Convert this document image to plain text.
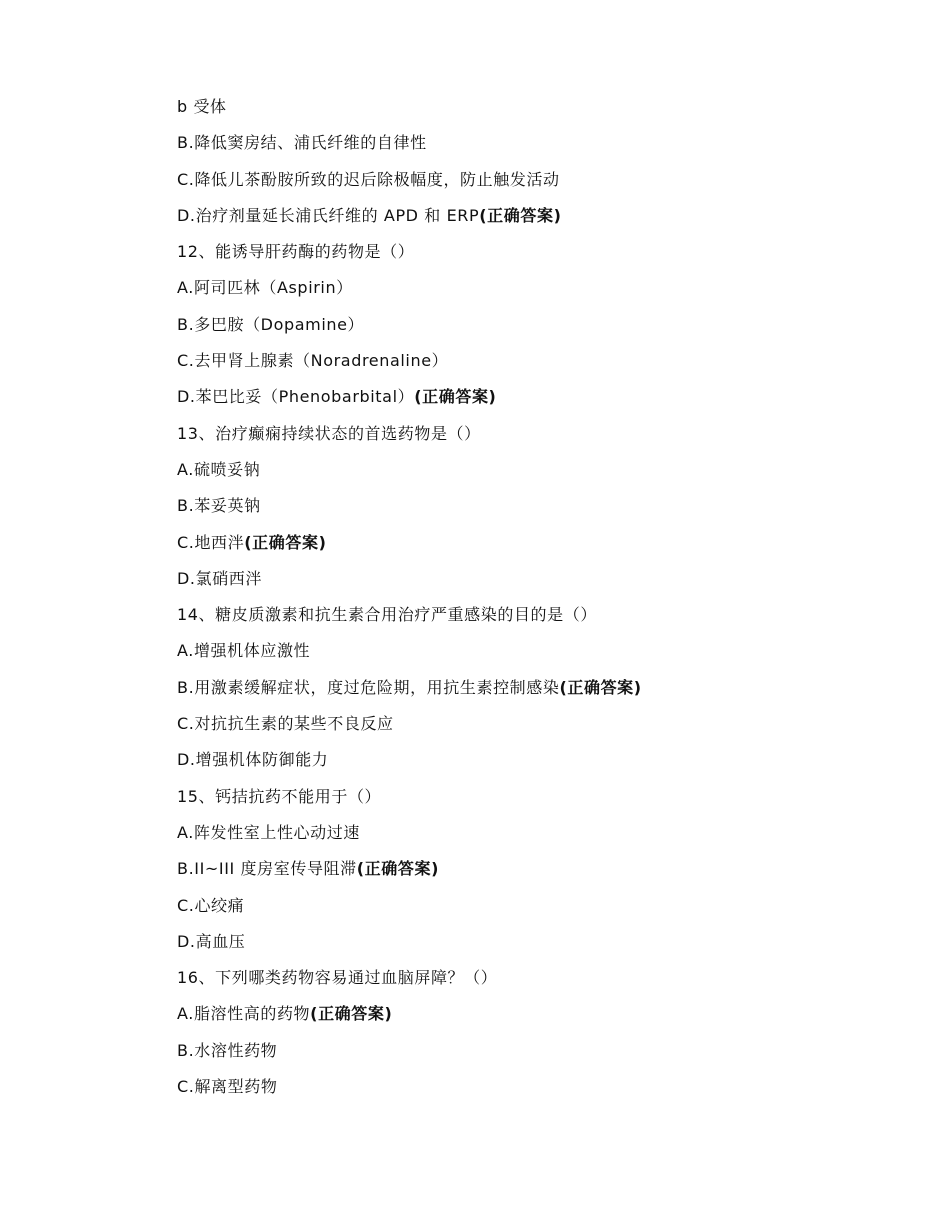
b 受体
B.降低窦房结、浦氏纤维的自律性
C.降低儿茶酚胺所致的迟后除极幅度，防止触发活动
D.治疗剂量延长浦氏纤维的 APD 和 ERP(正确答案)
12、能诱导肝药酶的药物是（）
A.阿司匹林（Aspirin）
B.多巴胺（Dopamine）
C.去甲肾上腺素（Noradrenaline）
D.苯巴比妥（Phenobarbital）(正确答案)
13、治疗癫痫持续状态的首选药物是（）
A.硫喷妥钠
B.苯妥英钠
C.地西泮(正确答案)
D.氯硝西泮
14、糖皮质激素和抗生素合用治疗严重感染的目的是（）
A.增强机体应激性
B.用激素缓解症状，度过危险期，用抗生素控制感染(正确答案)
C.对抗抗生素的某些不良反应
D.增强机体防御能力
15、钙拮抗药不能用于（）
A.阵发性室上性心动过速
B.II~III 度房室传导阻滞(正确答案)
C.心绞痛
D.高血压
16、下列哪类药物容易通过血脑屏障？（）
A.脂溶性高的药物(正确答案)
B.水溶性药物
C.解离型药物
